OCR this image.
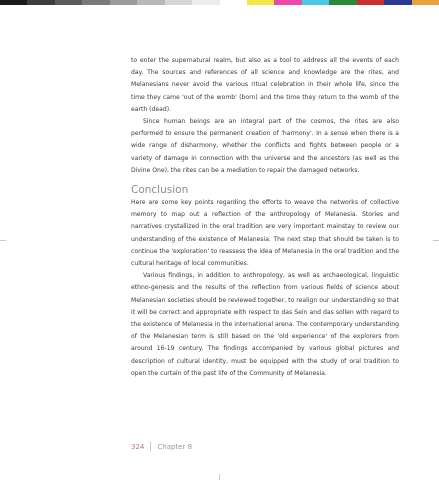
to enter the supernatural realm, but also as a tool to address all the events of each day. The sources and references of all science and knowledge are the rites, and Melanesians never avoid the various ritual celebration in their whole life, since the time they came 'out of the womb' (born) and the time they return to the womb of the earth (dead).

Since human beings are an integral part of the cosmos, the rites are also performed to ensure the permanent creation of 'harmony'. In a sense when there is a wide range of disharmony, whether the conflicts and fights between people or a variety of damage in connection with the universe and the ancestors (as well as the Divine One), the rites can be a mediation to repair the damaged networks.

Conclusion

Here are some key points regarding the efforts to weave the networks of collective memory to map out a reflection of the anthropology of Melanesia. Stories and narratives crystallized in the oral tradition are very important mainstay to review our understanding of the existence of Melanesia. The next step that should be taken is to continue the 'exploration' to reassess the idea of Melanesia in the oral tradition and the cultural heritage of local communities.

Various findings, in addition to anthropology, as well as archaeological, linguistic ethno-genesis and the results of the reflection from various fields of science about Melanesian societies should be reviewed together, to realign our understanding so that it will be correct and appropriate with respect to das Sein and das sollen with regard to the existence of Melanesia in the international arena. The contemporary understanding of the Melanesian term is still based on the 'old experience' of the explorers from around 16-19 century. The findings accompanied by various global pictures and description of cultural identity, must be equipped with the study of oral tradition to open the curtain of the past life of the Community of Melanesia.

324 Chapter 8
